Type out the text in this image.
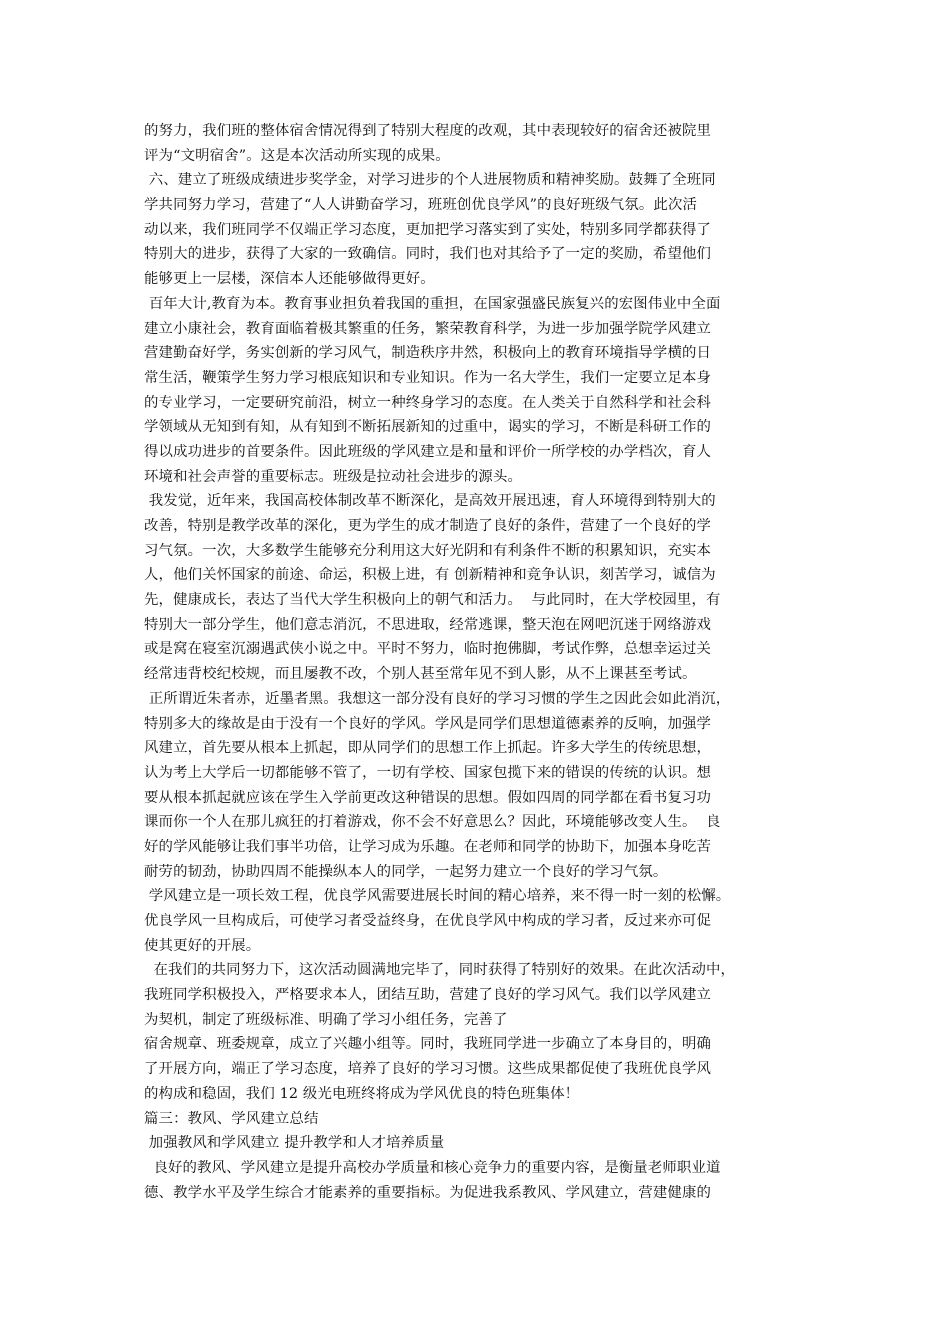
的努力，我们班的整体宿舍情况得到了特别大程度的改观，其中表现较好的宿舍还被院里
评为“文明宿舍”。这是本次活动所实现的成果。
六、建立了班级成绩进步奖学金，对学习进步的个人进展物质和精神奖励。鼓舞了全班同
学共同努力学习，营建了“人人讲勤奋学习，班班创优良学风”的良好班级气氛。此次活
动以来，我们班同学不仅端正学习态度，更加把学习落实到了实处，特别多同学都获得了
特别大的进步，获得了大家的一致确信。同时，我们也对其给予了一定的奖励，希望他们
能够更上一层楼，深信本人还能够做得更好。
百年大计,教育为本。教育事业担负着我国的重担，在国家强盛民族复兴的宏图伟业中全面
建立小康社会，教育面临着极其繁重的任务，繁荣教育科学，为进一步加强学院学风建立
营建勤奋好学，务实创新的学习风气，制造秩序井然，积极向上的教育环境指导学横的日
常生活，鞭策学生努力学习根底知识和专业知识。作为一名大学生，我们一定要立足本身
的专业学习，一定要研究前沿，树立一种终身学习的态度。在人类关于自然科学和社会科
学领域从无知到有知，从有知到不断拓展新知的过重中，谒实的学习，不断是科研工作的
得以成功进步的首要条件。因此班级的学风建立是和量和评价一所学校的办学档次，育人
环境和社会声誉的重要标志。班级是拉动社会进步的源头。
我发觉，近年来，我国高校体制改革不断深化，是高效开展迅速，育人环境得到特别大的
改善，特别是教学改革的深化，更为学生的成才制造了良好的条件，营建了一个良好的学
习气氛。一次，大多数学生能够充分利用这大好光阴和有利条件不断的积累知识，充实本
人，他们关怀国家的前途、命运，积极上进，有 创新精神和竞争认识，刻苦学习，诚信为
先，健康成长，表达了当代大学生积极向上的朝气和活力。  与此同时，在大学校园里，有
特别大一部分学生，他们意志消沉，不思进取，经常逃课，整天泡在网吧沉迷于网络游戏
或是窝在寝室沉溺遇武侠小说之中。平时不努力，临时抱佛脚，考试作弊，总想幸运过关
经常违背校纪校规，而且屡教不改，个别人甚至常年见不到人影，从不上课甚至考试。
正所谓近朱者赤，近墨者黑。我想这一部分没有良好的学习习惯的学生之因此会如此消沉，
特别多大的缘故是由于没有一个良好的学风。学风是同学们思想道德素养的反响，加强学
风建立，首先要从根本上抓起，即从同学们的思想工作上抓起。许多大学生的传统思想，
认为考上大学后一切都能够不管了，一切有学校、国家包揽下来的错误的传统的认识。想
要从根本抓起就应该在学生入学前更改这种错误的思想。假如四周的同学都在看书复习功
课而你一个人在那儿疯狂的打着游戏，你不会不好意思么？因此，环境能够改变人生。  良
好的学风能够让我们事半功倍，让学习成为乐趣。在老师和同学的协助下，加强本身吃苦
耐劳的韧劲，协助四周不能操纵本人的同学，一起努力建立一个良好的学习气氛。
学风建立是一项长效工程，优良学风需要进展长时间的精心培养，来不得一时一刻的松懈。
优良学风一旦构成后，可使学习者受益终身，在优良学风中构成的学习者，反过来亦可促
使其更好的开展。
在我们的共同努力下，这次活动圆满地完毕了，同时获得了特别好的效果。在此次活动中，
我班同学积极投入，严格要求本人，团结互助，营建了良好的学习风气。我们以学风建立
为契机，制定了班级标准、明确了学习小组任务，完善了
宿舍规章、班委规章，成立了兴趣小组等。同时，我班同学进一步确立了本身目的，明确
了开展方向，端正了学习态度，培养了良好的学习习惯。这些成果都促使了我班优良学风
的构成和稳固，我们 12 级光电班终将成为学风优良的特色班集体！
篇三：教风、学风建立总结
加强教风和学风建立 提升教学和人才培养质量
良好的教风、学风建立是提升高校办学质量和核心竞争力的重要内容，是衡量老师职业道
德、教学水平及学生综合才能素养的重要指标。为促进我系教风、学风建立，营建健康的
